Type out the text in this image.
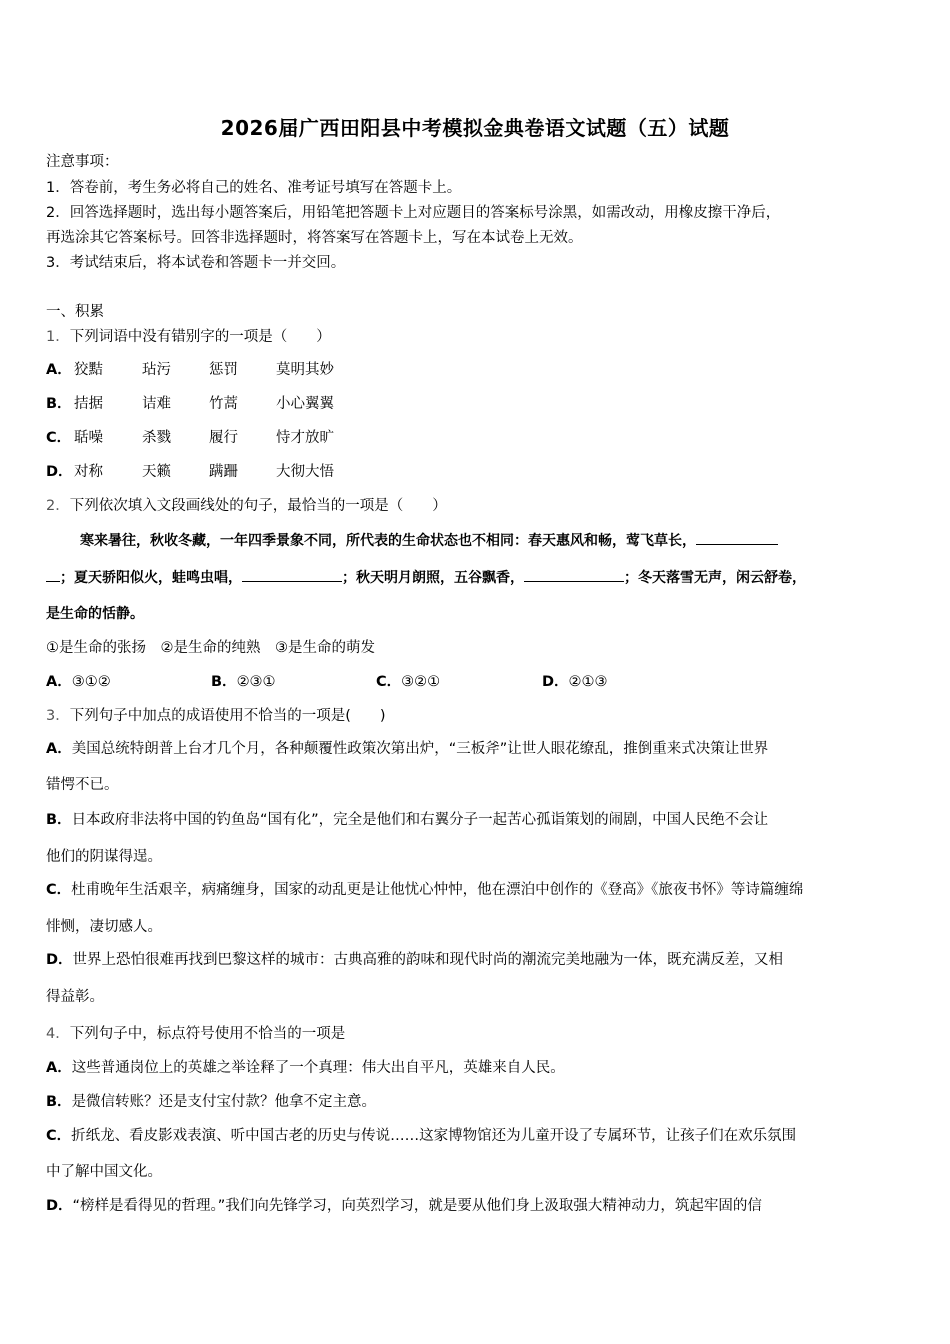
2026届广西田阳县中考模拟金典卷语文试题（五）试题
注意事项：
1．答卷前，考生务必将自己的姓名、准考证号填写在答题卡上。
2．回答选择题时，选出每小题答案后，用铅笔把答题卡上对应题目的答案标号涂黑，如需改动，用橡皮擦干净后，
再选涂其它答案标号。回答非选择题时，将答案写在答题卡上，写在本试卷上无效。
3．考试结束后，将本试卷和答题卡一并交回。
一、积累
1．下列词语中没有错别字的一项是（　　）
A． 狡黠	玷污	惩罚	莫明其妙
B． 拮据	诘难	竹蒿	小心翼翼
C． 聒噪	杀戮	履行	恃才放旷
D． 对称	天籁	蹒跚	大彻大悟
2．下列依次填入文段画线处的句子，最恰当的一项是（　　）
寒来暑往，秋收冬藏，一年四季景象不同，所代表的生命状态也不相同：春天惠风和畅，莺飞草长，
；夏天骄阳似火，蛙鸣虫唱，	；秋天明月朗照，五谷飘香，	；冬天落雪无声，闲云舒卷，
是生命的恬静。
①是生命的张扬　②是生命的纯熟　③是生命的萌发
A．③①②	B．②③①	C．③②①	D．②①③
3．下列句子中加点的成语使用不恰当的一项是(　　)
A．美国总统特朗普上台才几个月，各种颠覆性政策次第出炉，“三板斧”让世人眼花缭乱，推倒重来式决策让世界
错愕不已。
B．日本政府非法将中国的钓鱼岛“国有化”，完全是他们和右翼分子一起苦心孤诣策划的闹剧，中国人民绝不会让
他们的阴谋得逞。
C．杜甫晚年生活艰辛，病痛缠身，国家的动乱更是让他忧心忡忡，他在漂泊中创作的《登高》《旅夜书怀》等诗篇缠绵
悱恻，凄切感人。
D．世界上恐怕很难再找到巴黎这样的城市：古典高雅的韵味和现代时尚的潮流完美地融为一体，既充满反差，又相
得益彰。
4．下列句子中，标点符号使用不恰当的一项是
A．这些普通岗位上的英雄之举诠释了一个真理：伟大出自平凡，英雄来自人民。
B．是微信转账？还是支付宝付款？他拿不定主意。
C．折纸龙、看皮影戏表演、听中国古老的历史与传说……这家博物馆还为儿童开设了专属环节，让孩子们在欢乐氛围
中了解中国文化。
D．“榜样是看得见的哲理。”我们向先锋学习，向英烈学习，就是要从他们身上汲取强大精神动力，筑起牢固的信
